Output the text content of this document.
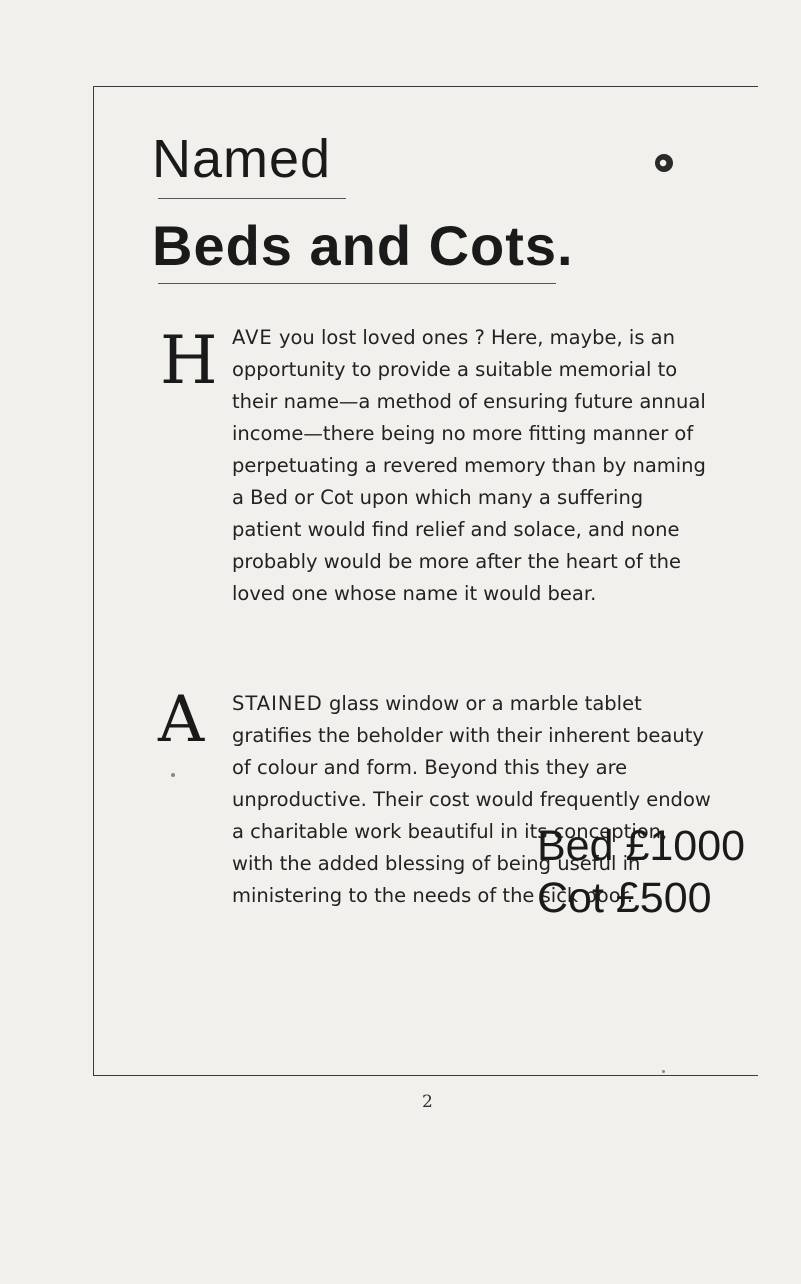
Named
Beds and Cots.
H AVE you lost loved ones ? Here, maybe, is an opportunity to provide a suitable memorial to their name—a method of ensuring future annual income—there being no more fitting manner of perpetuating a revered memory than by naming a Bed or Cot upon which many a suffering patient would find relief and solace, and none probably would be more after the heart of the loved one whose name it would bear.

A STAINED glass window or a marble tablet gratifies the beholder with their inherent beauty of colour and form. Beyond this they are unproductive. Their cost would frequently endow a charitable work beautiful in its conception, with the added blessing of being useful in ministering to the needs of the sick poor.

Bed £1000
Cot £500
2
